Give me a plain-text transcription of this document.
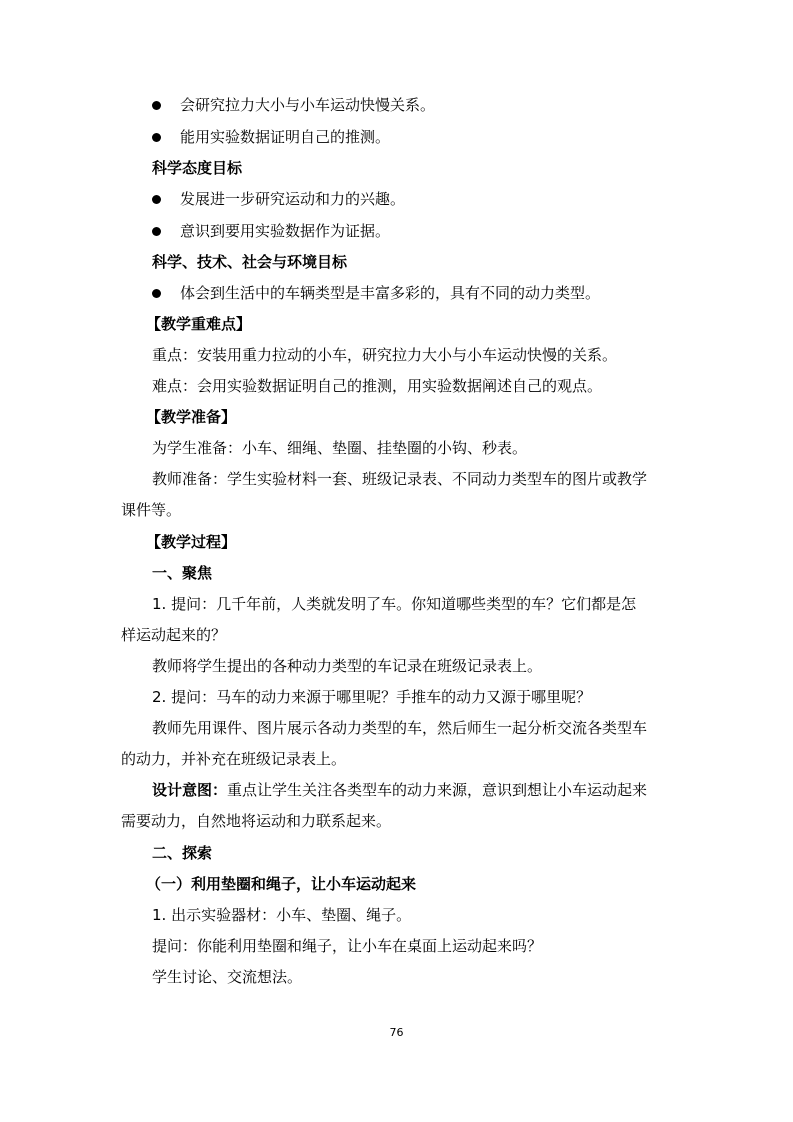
会研究拉力大小与小车运动快慢关系。
能用实验数据证明自己的推测。
科学态度目标
发展进一步研究运动和力的兴趣。
意识到要用实验数据作为证据。
科学、技术、社会与环境目标
体会到生活中的车辆类型是丰富多彩的，具有不同的动力类型。
【教学重难点】
重点：安装用重力拉动的小车，研究拉力大小与小车运动快慢的关系。
难点：会用实验数据证明自己的推测，用实验数据阐述自己的观点。
【教学准备】
为学生准备：小车、细绳、垫圈、挂垫圈的小钩、秒表。
教师准备：学生实验材料一套、班级记录表、不同动力类型车的图片或教学
课件等。
【教学过程】
一、聚焦
1. 提问：几千年前，人类就发明了车。你知道哪些类型的车？它们都是怎
样运动起来的？
教师将学生提出的各种动力类型的车记录在班级记录表上。
2. 提问：马车的动力来源于哪里呢？手推车的动力又源于哪里呢？
教师先用课件、图片展示各动力类型的车，然后师生一起分析交流各类型车
的动力，并补充在班级记录表上。
设计意图：重点让学生关注各类型车的动力来源，意识到想让小车运动起来
需要动力，自然地将运动和力联系起来。
二、探索
（一）利用垫圈和绳子，让小车运动起来
1. 出示实验器材：小车、垫圈、绳子。
提问：你能利用垫圈和绳子，让小车在桌面上运动起来吗？
学生讨论、交流想法。
76
